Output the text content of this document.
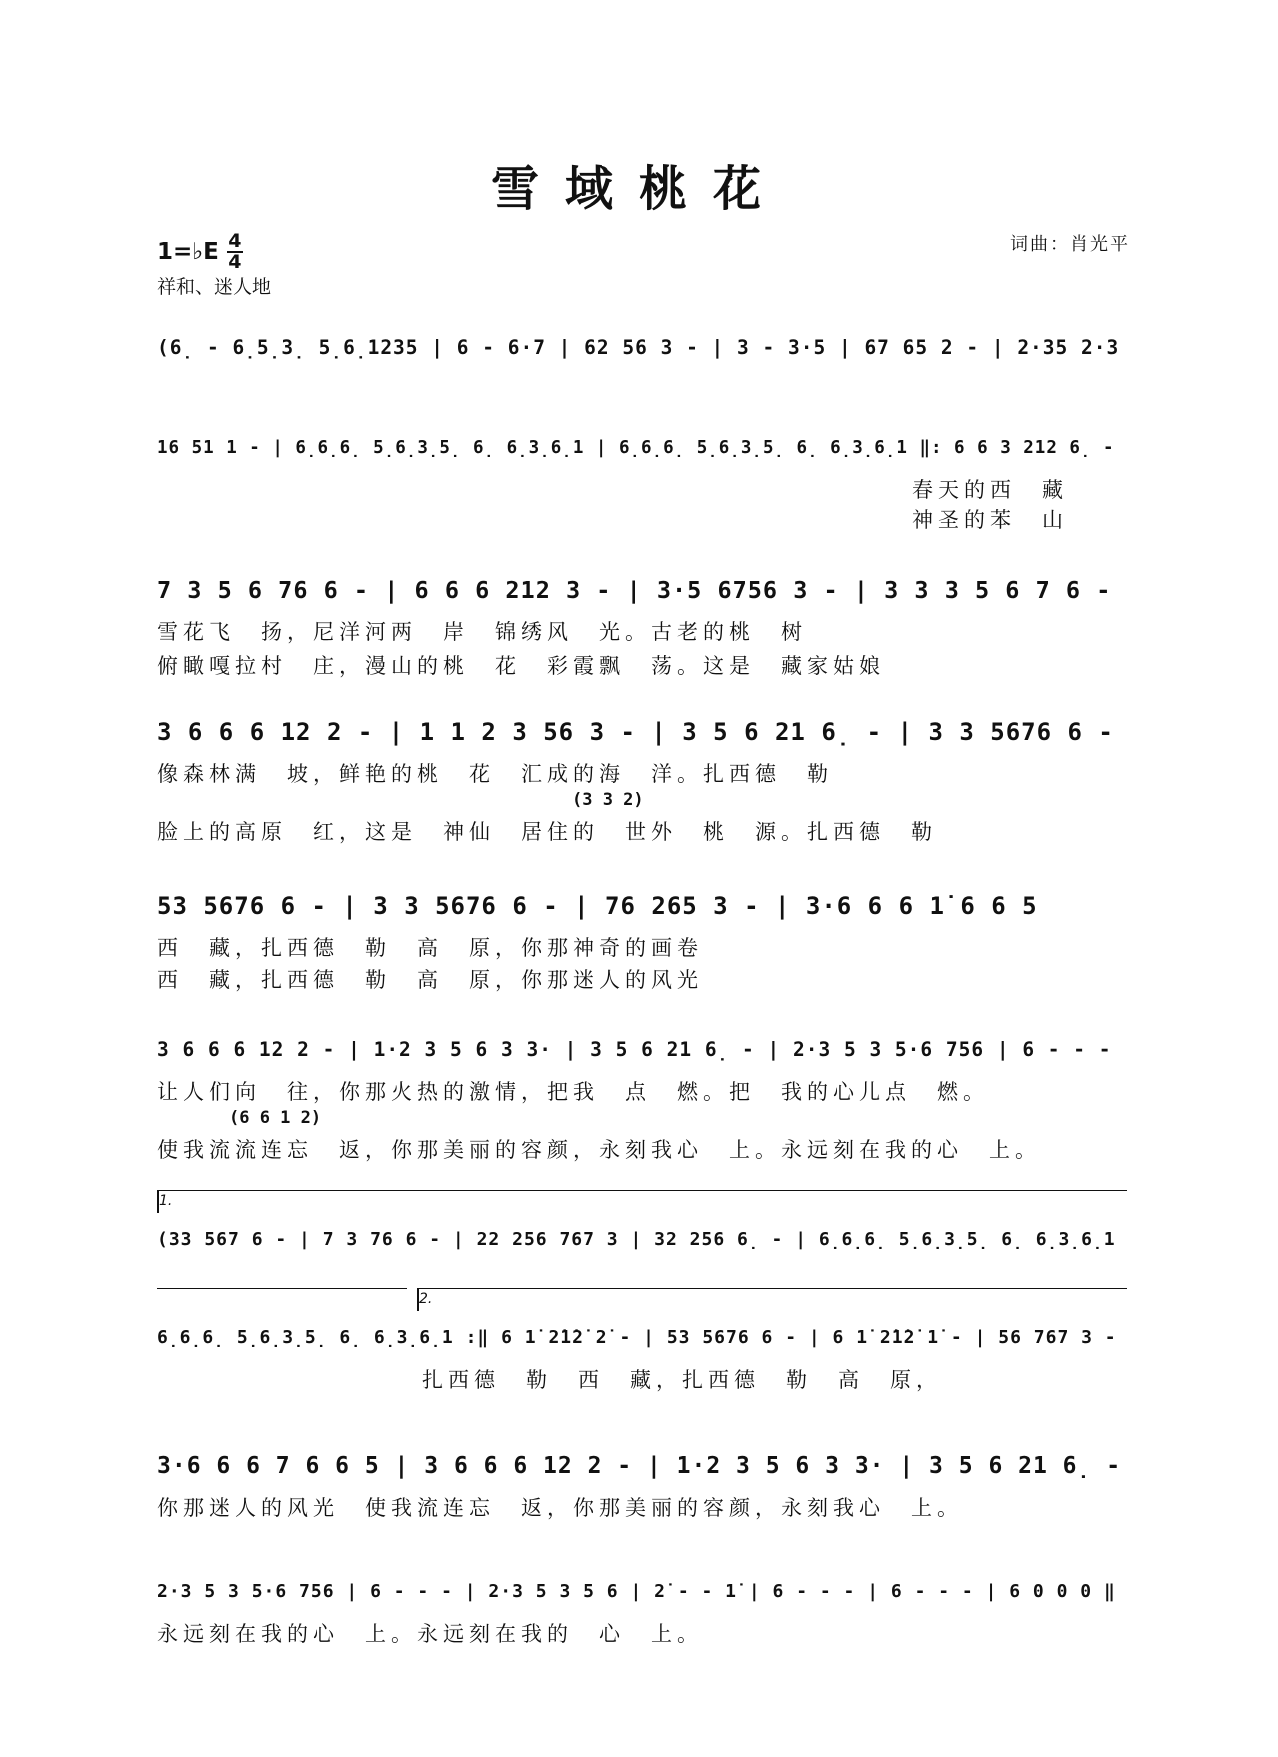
雪域桃花
1=♭E $\frac{4}{4}$
祥和、迷人地
词曲：肖光平
(6̣ - 6̣5̣3̣ 5̣6̣1235 | 6 - 6·7 | 62 56 3 - | 3 - 3·5 | 67 65 2 - | 2·35 2·3
16 51 1 - | 6̣6̣6̣ 5̣6̣3̣5̣ 6̣ 6̣3̣6̣1 | 6̣6̣6̣ 5̣6̣3̣5̣ 6̣ 6̣3̣6̣1 ‖: 6 6 3 212 6̣ -
春天的西　藏
神圣的苯　山
7 3 5 6 76 6 - | 6 6 6 212 3 - | 3·5 6756 3 - | 3 3 3 5 6 7 6 -
雪花飞　扬，尼洋河两　岸　锦绣风　光。古老的桃　树
俯瞰嘎拉村　庄，漫山的桃　花　彩霞飘　荡。这是　藏家姑娘
3 6 6 6 12 2 - | 1 1 2 3 56 3 - | 3 5 6 21 6̣ - | 3 3 5676 6 -
像森林满　坡，鲜艳的桃　花　汇成的海　洋。扎西德　勒
(3 3 2)
脸上的高原　红，这是　神仙　居住的　世外　桃　源。扎西德　勒
53 5676 6 - | 3 3 5676 6 - | 76 265 3 - | 3·6 6 6 1̇ 6 6 5
西　藏，扎西德　勒　高　原，你那神奇的画卷
西　藏，扎西德　勒　高　原，你那迷人的风光
3 6 6 6 12 2 - | 1·2 3 5 6 3 3· | 3 5 6 21 6̣ - | 2·3 5 3 5·6 756 | 6 - - -
让人们向　往，你那火热的激情，把我　点　燃。把　我的心儿点　燃。
(6 6 1 2)
使我流流连忘　返，你那美丽的容颜，永刻我心　上。永远刻在我的心　上。
1.
(33 567 6 - | 7 3 76 6 - | 22 256 767 3 | 32 256 6̣ - | 6̣6̣6̣ 5̣6̣3̣5̣ 6̣ 6̣3̣6̣1
2.
6̣6̣6̣ 5̣6̣3̣5̣ 6̣ 6̣3̣6̣1 :‖ 6 1̇ 2̇1̇2̇ 2̇ - | 53 5676 6 - | 6 1̇ 2̇1̇2̇ 1̇ - | 56 767 3 -
扎西德　勒　西　藏，扎西德　勒　高　原，
3·6 6 6 7 6 6 5 | 3 6 6 6 12 2 - | 1·2 3 5 6 3 3· | 3 5 6 21 6̣ -
你那迷人的风光　使我流连忘　返，你那美丽的容颜，永刻我心　上。
2·3 5 3 5·6 756 | 6 - - - | 2·3 5 3 5 6 | 2̇ - - 1̇ | 6 - - - | 6 - - - | 6 0 0 0 ‖
永远刻在我的心　上。永远刻在我的　心　上。
